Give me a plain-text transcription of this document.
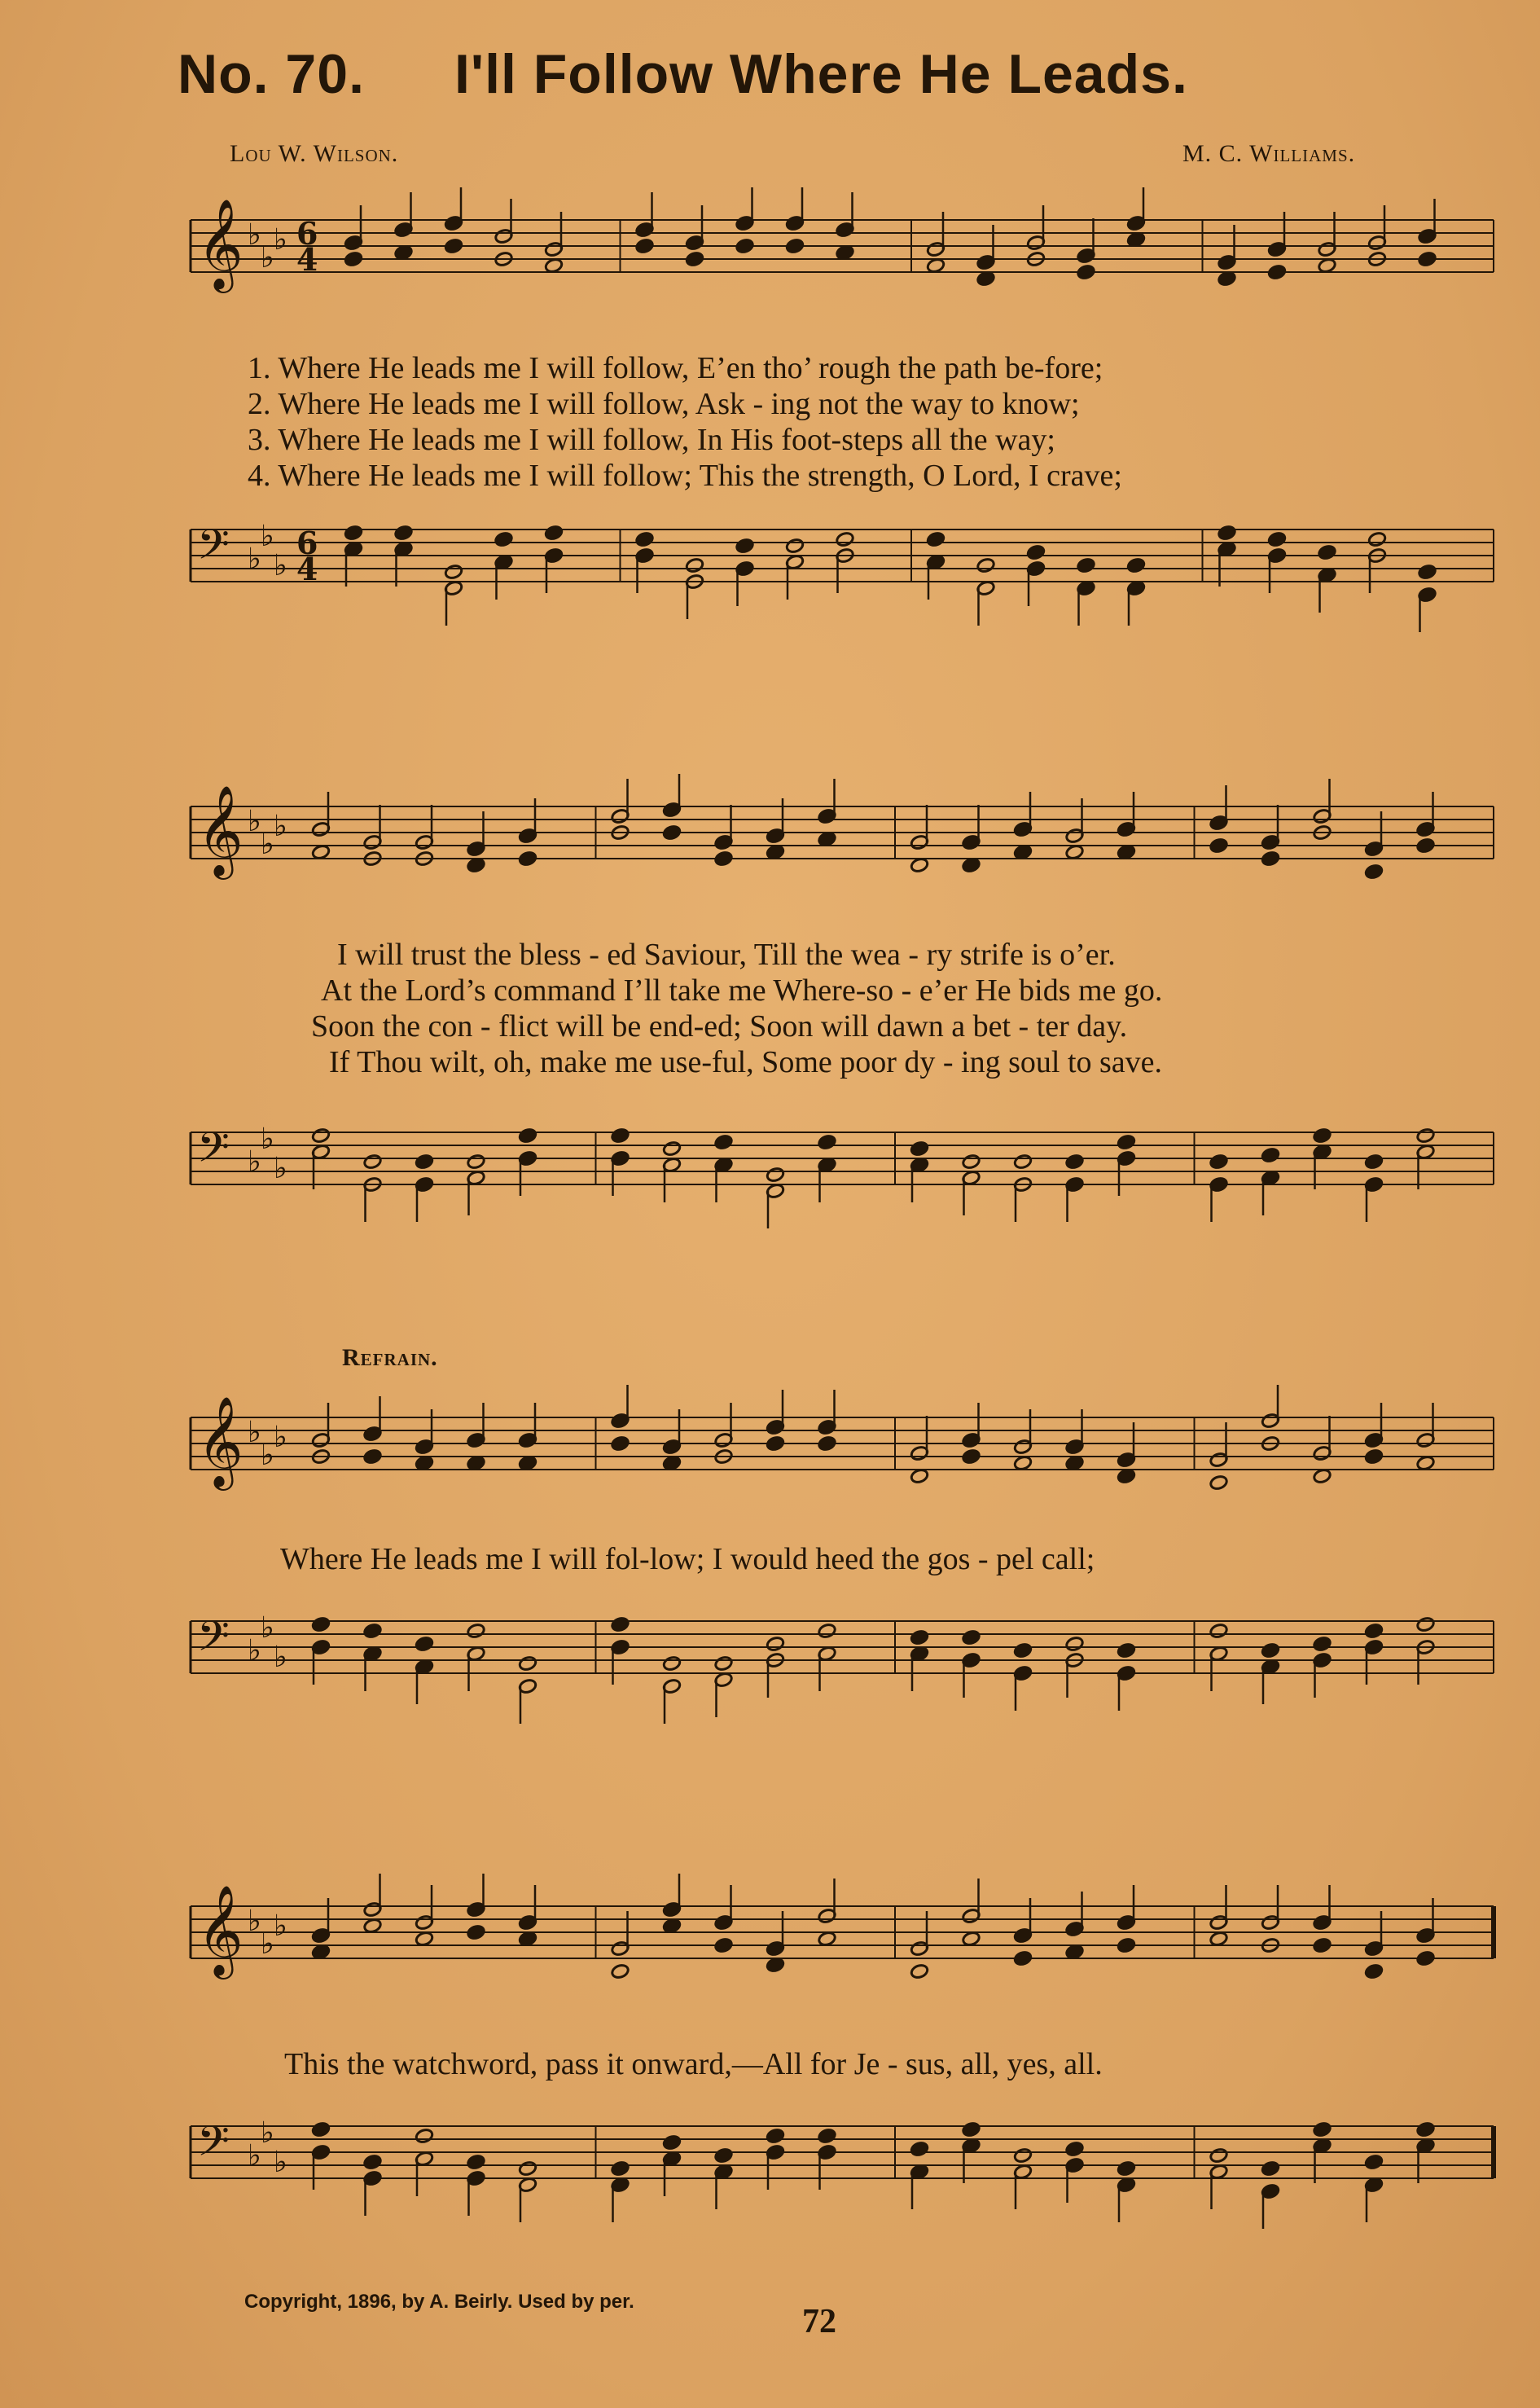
No. 70. I'll Follow Where He Leads.
Lou W. Wilson.	M. C. Williams.
𝄞 ♭
♭
♭ 6
4
1. Where He leads me I will follow, E’en tho’ rough the path be-fore;
2. Where He leads me I will follow, Ask - ing not the way to know;
3. Where He leads me I will follow, In His foot-steps all the way;
4. Where He leads me I will follow; This the strength, O Lord, I crave;
𝄢 ♭
♭
♭
6
4
𝄞 ♭
♭
♭
I will trust the bless - ed Saviour, Till the wea - ry strife is o’er.
At the Lord’s command I’ll take me Where-so - e’er He bids me go.
Soon the con - flict will be end-ed; Soon will dawn a bet - ter day.
If Thou wilt, oh, make me use-ful, Some poor dy - ing soul to save.
𝄢 ♭
♭
♭
Refrain.
𝄞 ♭
♭
♭
Where He leads me I will fol-low; I would heed the gos - pel call;
𝄢 ♭
♭
♭
𝄞 ♭
♭
♭
This the watchword, pass it onward,—All for Je - sus, all, yes, all.
𝄢 ♭
♭
♭
Copyright, 1896, by A. Beirly. Used by per.
72
